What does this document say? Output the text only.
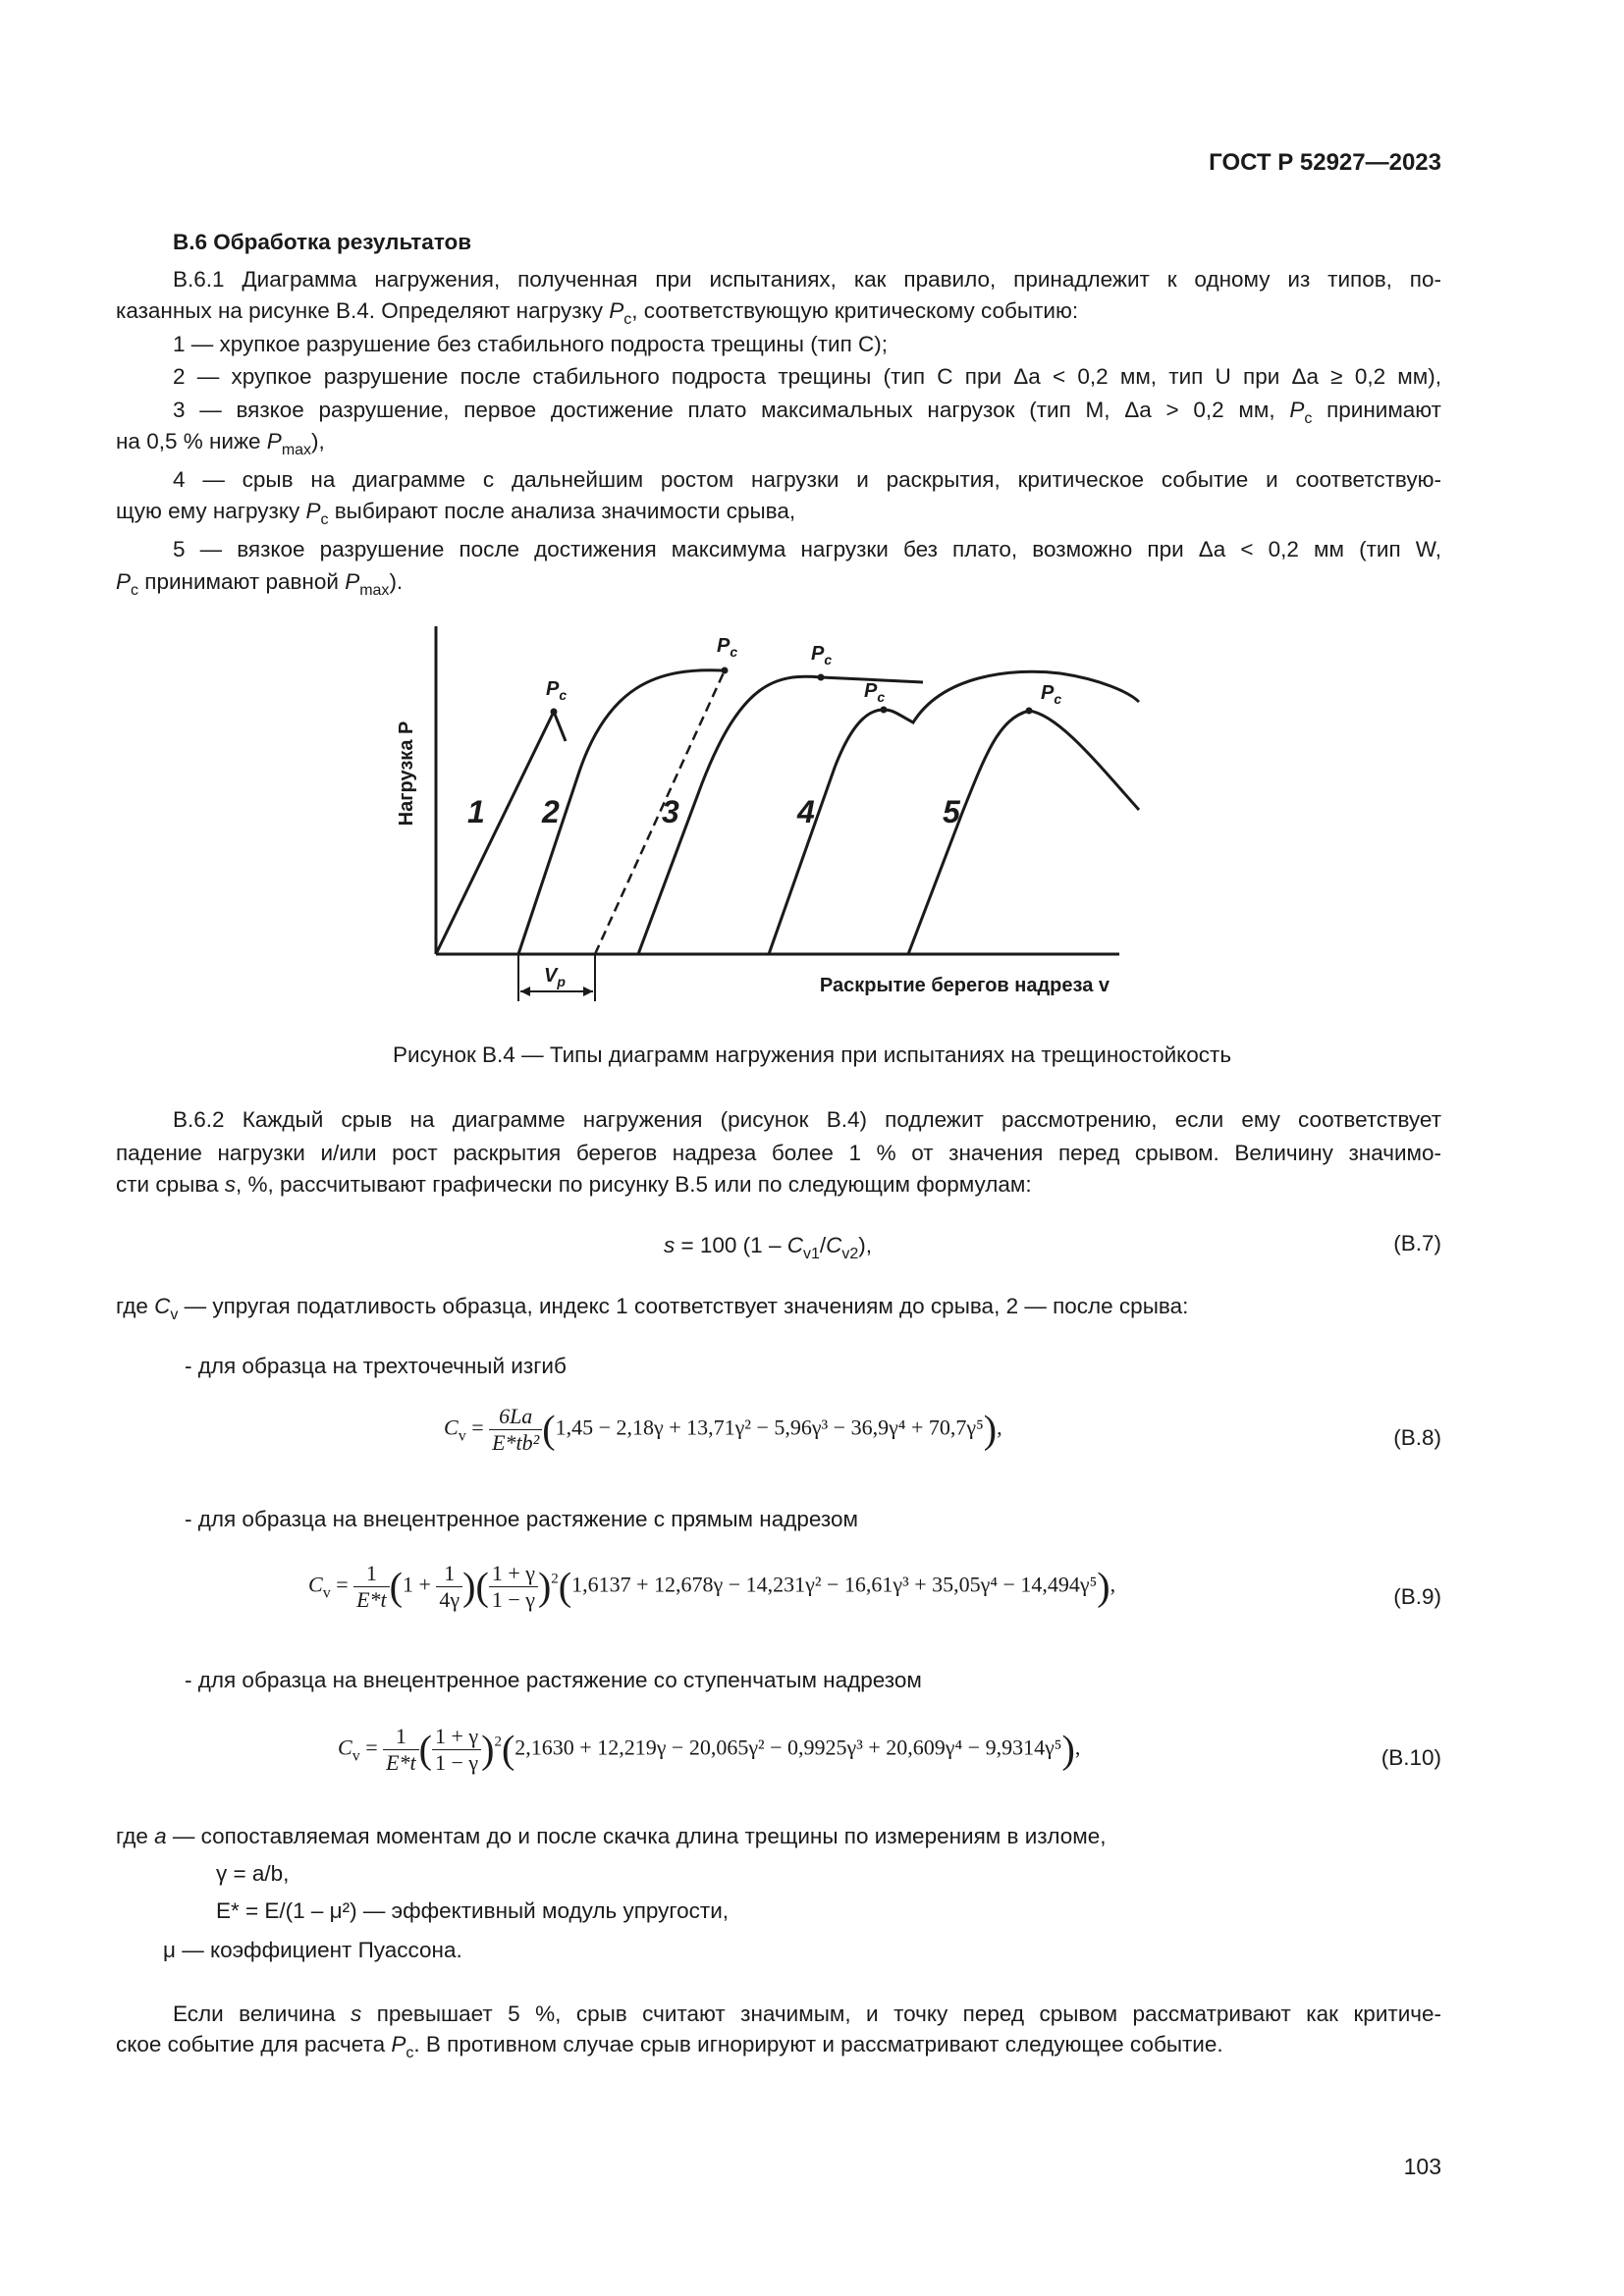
ГОСТ Р 52927—2023
В.6 Обработка результатов
В.6.1 Диаграмма нагружения, полученная при испытаниях, как правило, принадлежит к одному из типов, по-
казанных на рисунке В.4. Определяют нагрузку $P_c$, соответствующую критическому событию:
1 — хрупкое разрушение без стабильного подроста трещины (тип С);
2 — хрупкое разрушение после стабильного подроста трещины (тип С при Δa < 0,2 мм, тип U при Δa ≥ 0,2 мм),
3 — вязкое разрушение, первое достижение плато максимальных нагрузок (тип М, Δa > 0,2 мм, $P_c$ принимают
на 0,5 % ниже $P_{max}$),
4 — срыв на диаграмме с дальнейшим ростом нагрузки и раскрытия, критическое событие и соответствую-
щую ему нагрузку $P_c$ выбирают после анализа значимости срыва,
5 — вязкое разрушение после достижения максимума нагрузки без плато, возможно при Δa < 0,2 мм (тип W,
$P_c$ принимают равной $P_{max}$).
Нагрузка P
Раскрытие берегов надреза v
1 2	3	4	5
$P_c$
$P_c$	$P_c$
$P_c$	$P_c$
$V_p$
Рисунок В.4 — Типы диаграмм нагружения при испытаниях на трещиностойкость
В.6.2 Каждый срыв на диаграмме нагружения (рисунок В.4) подлежит рассмотрению, если ему соответствует
падение нагрузки и/или рост раскрытия берегов надреза более 1 % от значения перед срывом. Величину значимо-
сти срыва s, %, рассчитывают графически по рисунку В.5 или по следующим формулам:
s = 100 $(1 - C_{v1}/C_{v2})$,	(В.7)
где $C_v$ — упругая податливость образца, индекс 1 соответствует значениям до срыва, 2 — после срыва:
- для образца на трехточечный изгиб
$C_v = \frac{6La}{\text{E*tb²}} (1,45 - 2,18\gamma + 13,71\gamma^2 - 5,96\gamma^3 - 36,9\gamma^4 + 70,7\gamma^5)$,	(В.8)
- для образца на внецентренное растяжение с прямым надрезом
$C_v = \frac{1}{E*t} (1 + \frac{1}{4\gamma}$ )( $\frac{1 + \gamma}{1 - \gamma} )^2(1,6137 + 12,678\gamma - 14,231\gamma^2 - 16,61\gamma^3 + 35,05\gamma^4 - 14,494\gamma^5)$,	(В.9)
- для образца на внецентренное растяжение со ступенчатым надрезом
$C_v = \frac{1}{E*t}$ ( $\frac{1 + \gamma}{1 - \gamma} )^2(2,1630 + 12,219\gamma - 20,065\gamma^2 - 0,9925\gamma^3 + 20,609\gamma^4 - 9,9314\gamma^5)$,	(В.10)
где a — сопоставляемая моментам до и после скачка длина трещины по измерениям в изломе,
γ = a/b,
E* = E/(1 – μ²) — эффективный модуль упругости,
μ — коэффициент Пуассона.
Если величина s превышает 5 %, срыв считают значимым, и точку перед срывом рассматривают как критиче-
ское событие для расчета $P_c$. В противном случае срыв игнорируют и рассматривают следующее событие.
103
